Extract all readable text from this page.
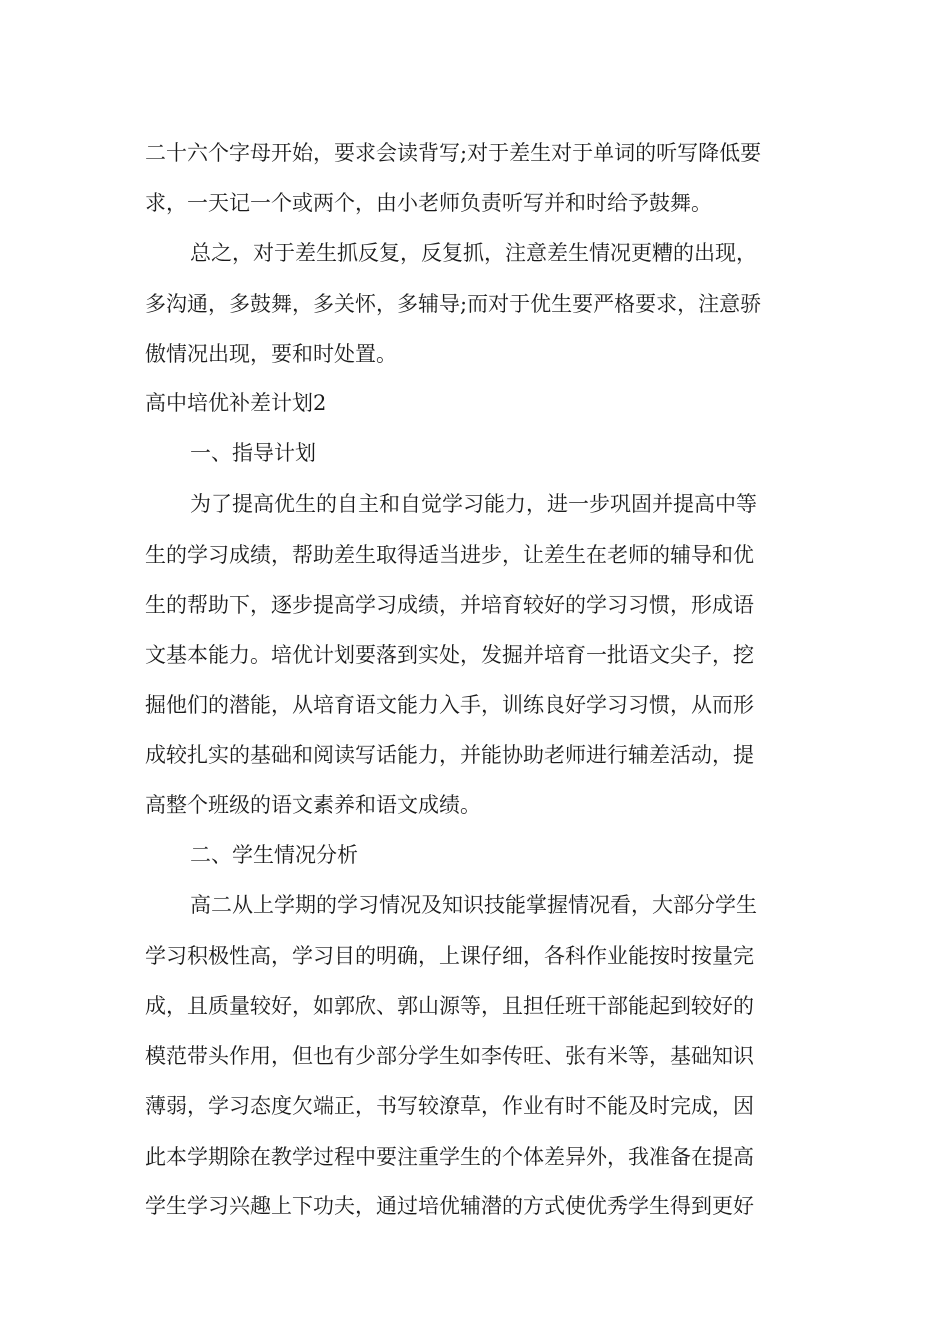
二十六个字母开始，要求会读背写;对于差生对于单词的听写降低要

求，一天记一个或两个，由小老师负责听写并和时给予鼓舞。

总之，对于差生抓反复，反复抓，注意差生情况更糟的出现，

多沟通，多鼓舞，多关怀，多辅导;而对于优生要严格要求，注意骄

傲情况出现，要和时处置。

高中培优补差计划2

一、指导计划

为了提高优生的自主和自觉学习能力，进一步巩固并提高中等

生的学习成绩，帮助差生取得适当进步，让差生在老师的辅导和优

生的帮助下，逐步提高学习成绩，并培育较好的学习习惯，形成语

文基本能力。培优计划要落到实处，发掘并培育一批语文尖子，挖

掘他们的潜能，从培育语文能力入手，训练良好学习习惯，从而形

成较扎实的基础和阅读写话能力，并能协助老师进行辅差活动，提

高整个班级的语文素养和语文成绩。

二、学生情况分析

高二从上学期的学习情况及知识技能掌握情况看，大部分学生

学习积极性高，学习目的明确，上课仔细，各科作业能按时按量完

成，且质量较好，如郭欣、郭山源等，且担任班干部能起到较好的

模范带头作用，但也有少部分学生如李传旺、张有米等，基础知识

薄弱，学习态度欠端正，书写较潦草，作业有时不能及时完成，因

此本学期除在教学过程中要注重学生的个体差异外，我准备在提高

学生学习兴趣上下功夫，通过培优辅潜的方式使优秀学生得到更好
